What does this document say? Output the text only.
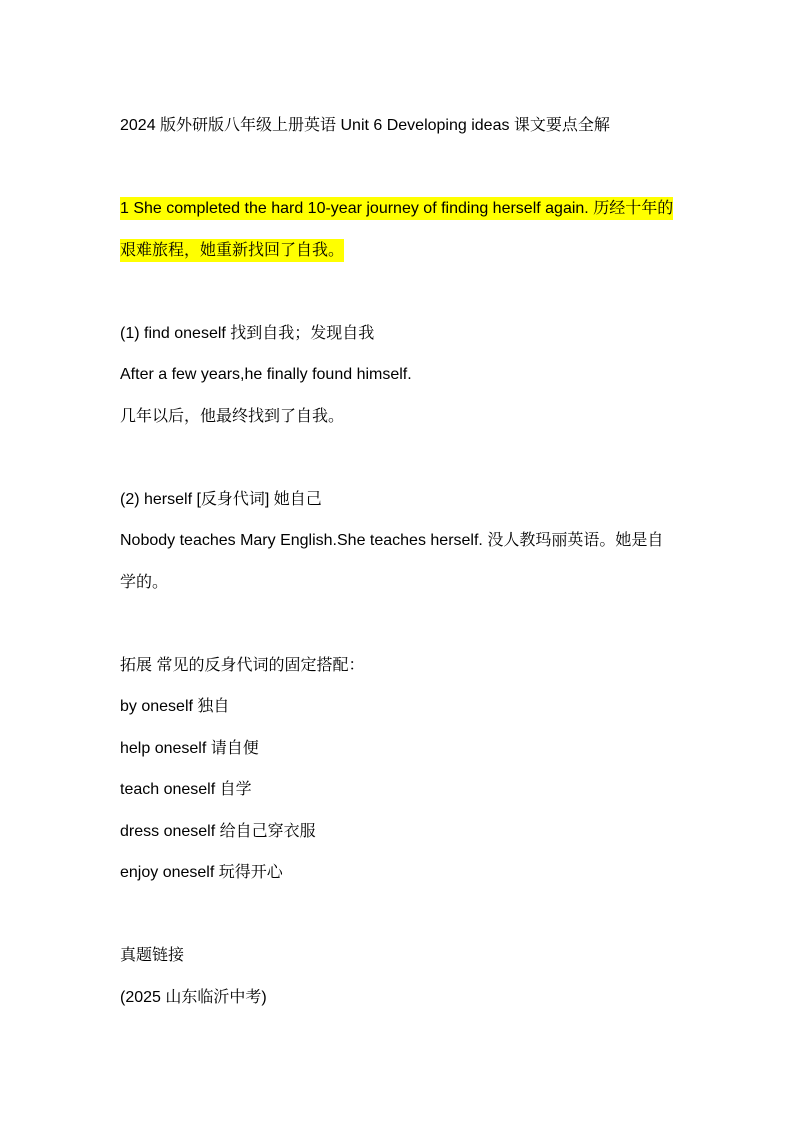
2024 版外研版八年级上册英语 Unit 6 Developing ideas 课文要点全解
1 She completed the hard 10-year journey of finding herself again. 历经十年的艰难旅程，她重新找回了自我。
(1) find oneself 找到自我；发现自我
After a few years,he finally found himself.
几年以后，他最终找到了自我。
(2) herself [反身代词] 她自己
Nobody teaches Mary English.She teaches herself. 没人教玛丽英语。她是自学的。
拓展 常见的反身代词的固定搭配：
by oneself 独自
help oneself 请自便
teach oneself 自学
dress oneself 给自己穿衣服
enjoy oneself 玩得开心
真题链接
(2025 山东临沂中考)
